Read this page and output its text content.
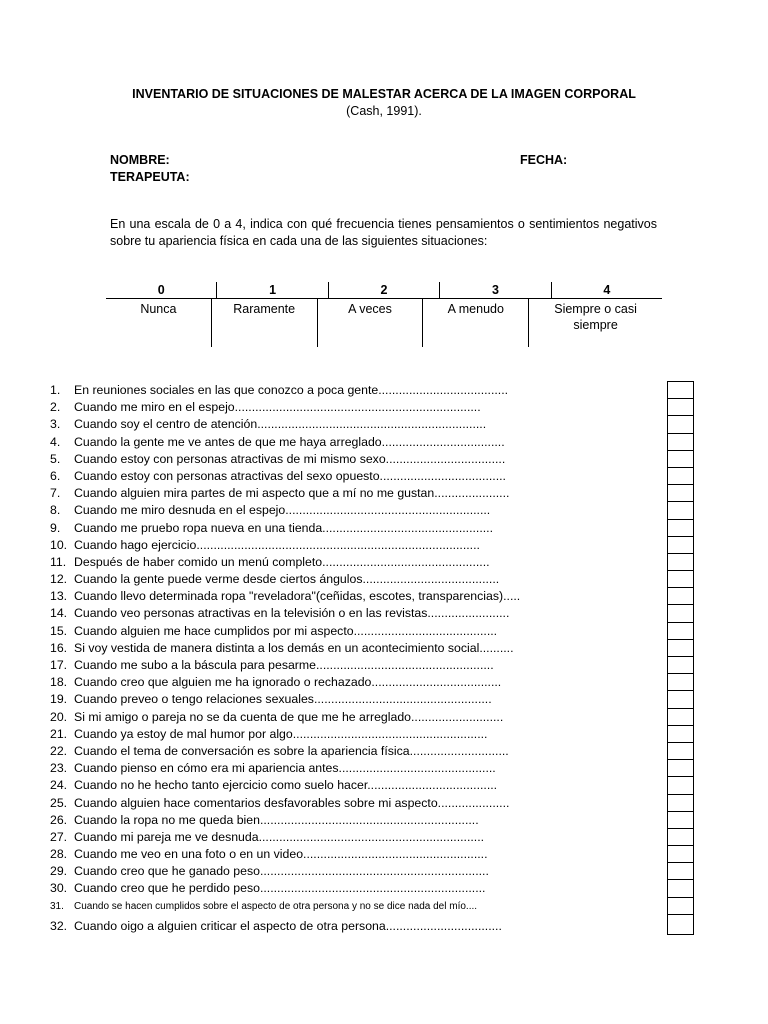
INVENTARIO DE SITUACIONES DE MALESTAR ACERCA DE LA IMAGEN CORPORAL
(Cash, 1991).
NOMBRE:	FECHA:
TERAPEUTA:
En una escala de 0 a 4, indica con qué frecuencia tienes pensamientos o sentimientos negativos sobre tu apariencia física en cada una de las siguientes situaciones:
0	1	2	3	4
Nunca	Raramente	A veces	A menudo	Siempre o casi siempre
1.	En reuniones sociales en las que conozco a poca gente......................................
2.	Cuando me miro en el espejo........................................................................
3.	Cuando soy el centro de atención...................................................................
4.	Cuando la gente me ve antes de que me haya arreglado....................................
5.	Cuando estoy con personas atractivas de mi mismo sexo...................................
6.	Cuando estoy con personas atractivas del sexo opuesto.....................................
7.	Cuando alguien mira partes de mi aspecto que a mí no me gustan......................
8.	Cuando me miro desnuda en el espejo............................................................
9.	Cuando me pruebo ropa nueva en una tienda..................................................
10. Cuando hago ejercicio...................................................................................
11. Después de haber comido un menú completo.................................................
12. Cuando la gente puede verme desde ciertos ángulos........................................
13. Cuando llevo determinada ropa "reveladora"(ceñidas, escotes, transparencias).....
14. Cuando veo personas atractivas en la televisión o en las revistas........................
15. Cuando alguien me hace cumplidos por mi aspecto..........................................
16. Si voy vestida de manera distinta a los demás en un acontecimiento social..........
17. Cuando me subo a la báscula para pesarme....................................................
18. Cuando creo que alguien me ha ignorado o rechazado......................................
19. Cuando preveo o tengo relaciones sexuales....................................................
20. Si mi amigo o pareja no se da cuenta de que me he arreglado...........................
21. Cuando ya estoy de mal humor por algo.........................................................
22. Cuando el tema de conversación es sobre la apariencia física.............................
23. Cuando pienso en cómo era mi apariencia antes..............................................
24. Cuando no he hecho tanto ejercicio como suelo hacer......................................
25. Cuando alguien hace comentarios desfavorables sobre mi aspecto.....................
26. Cuando la ropa no me queda bien................................................................
27. Cuando mi pareja me ve desnuda..................................................................
28. Cuando me veo en una foto o en un video......................................................
29. Cuando creo que he ganado peso...................................................................
30. Cuando creo que he perdido peso..................................................................
31.	Cuando se hacen cumplidos sobre el aspecto de otra persona y no se dice nada del mío....
32. Cuando oigo a alguien criticar el aspecto de otra persona..................................
